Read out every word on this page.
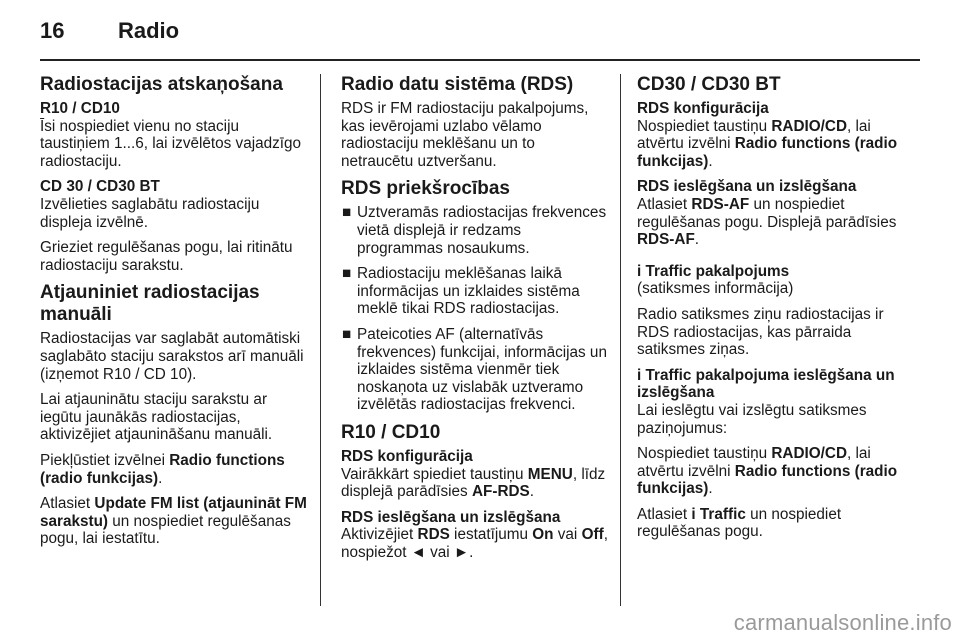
16 Radio
Radiostacijas atskaņošana
R10 / CD10

Īsi nospiediet vienu no staciju taustiņiem 1...6, lai izvēlētos vajadzīgo radiostaciju.

CD 30 / CD30 BT

Izvēlieties saglabātu radiostaciju displeja izvēlnē.

Grieziet regulēšanas pogu, lai ritinātu radiostaciju sarakstu.

Atjauniniet radiostacijas manuāli

Radiostacijas var saglabāt automātiski saglabāto staciju sarakstos arī manuāli (izņemot R10 / CD 10).

Lai atjauninātu staciju sarakstu ar iegūtu jaunākās radiostacijas, aktivizējiet atjaunināšanu manuāli.

Piekļūstiet izvēlnei Radio functions (radio funkcijas).

Atlasiet Update FM list (atjaunināt FM sarakstu) un nospiediet regulēšanas pogu, lai iestatītu.

Radio datu sistēma (RDS)

RDS ir FM radiostaciju pakalpojums, kas ievērojami uzlabo vēlamo radiostaciju meklēšanu un to netraucētu uztveršanu.

RDS priekšrocības
■ Uztveramās radiostacijas frekvences vietā displejā ir redzams programmas nosaukums.
■ Radiostaciju meklēšanas laikā informācijas un izklaides sistēma meklē tikai RDS radiostacijas.
■ Pateicoties AF (alternatīvās frekvences) funkcijai, informācijas un izklaides sistēma vienmēr tiek noskaņota uz vislabāk uztveramo izvēlētās radiostacijas frekvenci.
R10 / CD10
RDS konfigurācija

Vairākkārt spiediet taustiņu MENU, līdz displejā parādīsies AF-RDS.

RDS ieslēgšana un izslēgšana

Aktivizējiet RDS iestatījumu On vai Off, nospiežot ◄ vai ►.

CD30 / CD30 BT
RDS konfigurācija

Nospiediet taustiņu RADIO/CD, lai atvērtu izvēlni Radio functions (radio funkcijas).

RDS ieslēgšana un izslēgšana

Atlasiet RDS-AF un nospiediet regulēšanas pogu. Displejā parādīsies RDS-AF.

i Traffic pakalpojums

(satiksmes informācija)

Radio satiksmes ziņu radiostacijas ir RDS radiostacijas, kas pārraida satiksmes ziņas.

i Traffic pakalpojuma ieslēgšana un izslēgšana

Lai ieslēgtu vai izslēgtu satiksmes paziņojumus:

Nospiediet taustiņu RADIO/CD, lai atvērtu izvēlni Radio functions (radio funkcijas).

Atlasiet i Traffic un nospiediet regulēšanas pogu.

carmanualsonline.info
